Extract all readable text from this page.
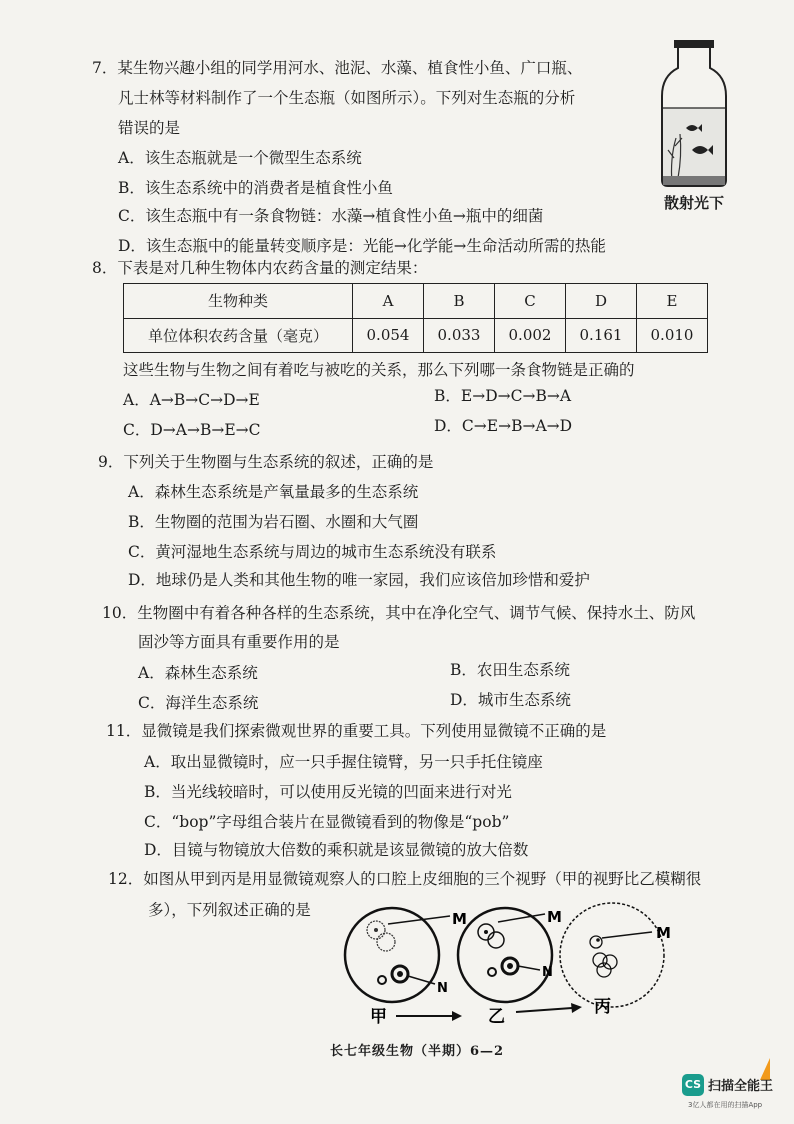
7．某生物兴趣小组的同学用河水、池泥、水藻、植食性小鱼、广口瓶、
凡士林等材料制作了一个生态瓶（如图所示）。下列对生态瓶的分析
错误的是
A．该生态瓶就是一个微型生态系统
B．该生态系统中的消费者是植食性小鱼
C．该生态瓶中有一条食物链：水藻→植食性小鱼→瓶中的细菌
D．该生态瓶中的能量转变顺序是：光能→化学能→生命活动所需的热能
散射光下
8．下表是对几种生物体内农药含量的测定结果：
生物种类	A	B	C	D	E
单位体积农药含量（毫克）	0.054	0.033	0.002	0.161	0.010
这些生物与生物之间有着吃与被吃的关系，那么下列哪一条食物链是正确的
A．A→B→C→D→E	B．E→D→C→B→A
C．D→A→B→E→C	D．C→E→B→A→D
9．下列关于生物圈与生态系统的叙述，正确的是
A．森林生态系统是产氧量最多的生态系统
B．生物圈的范围为岩石圈、水圈和大气圈
C．黄河湿地生态系统与周边的城市生态系统没有联系
D．地球仍是人类和其他生物的唯一家园，我们应该倍加珍惜和爱护
10．生物圈中有着各种各样的生态系统，其中在净化空气、调节气候、保持水土、防风
固沙等方面具有重要作用的是
A．森林生态系统	B．农田生态系统
C．海洋生态系统	D．城市生态系统
11．显微镜是我们探索微观世界的重要工具。下列使用显微镜不正确的是
A．取出显微镜时，应一只手握住镜臂，另一只手托住镜座
B．当光线较暗时，可以使用反光镜的凹面来进行对光
C．“bop”字母组合装片在显微镜看到的物像是“pob”
D．目镜与物镜放大倍数的乘积就是该显微镜的放大倍数
12．如图从甲到丙是用显微镜观察人的口腔上皮细胞的三个视野（甲的视野比乙模糊很
多），下列叙述正确的是	M	M
M
N
N
甲	乙	丙
长七年级生物（半期）6—2
CS 扫描全能王
3亿人都在用的扫描App
